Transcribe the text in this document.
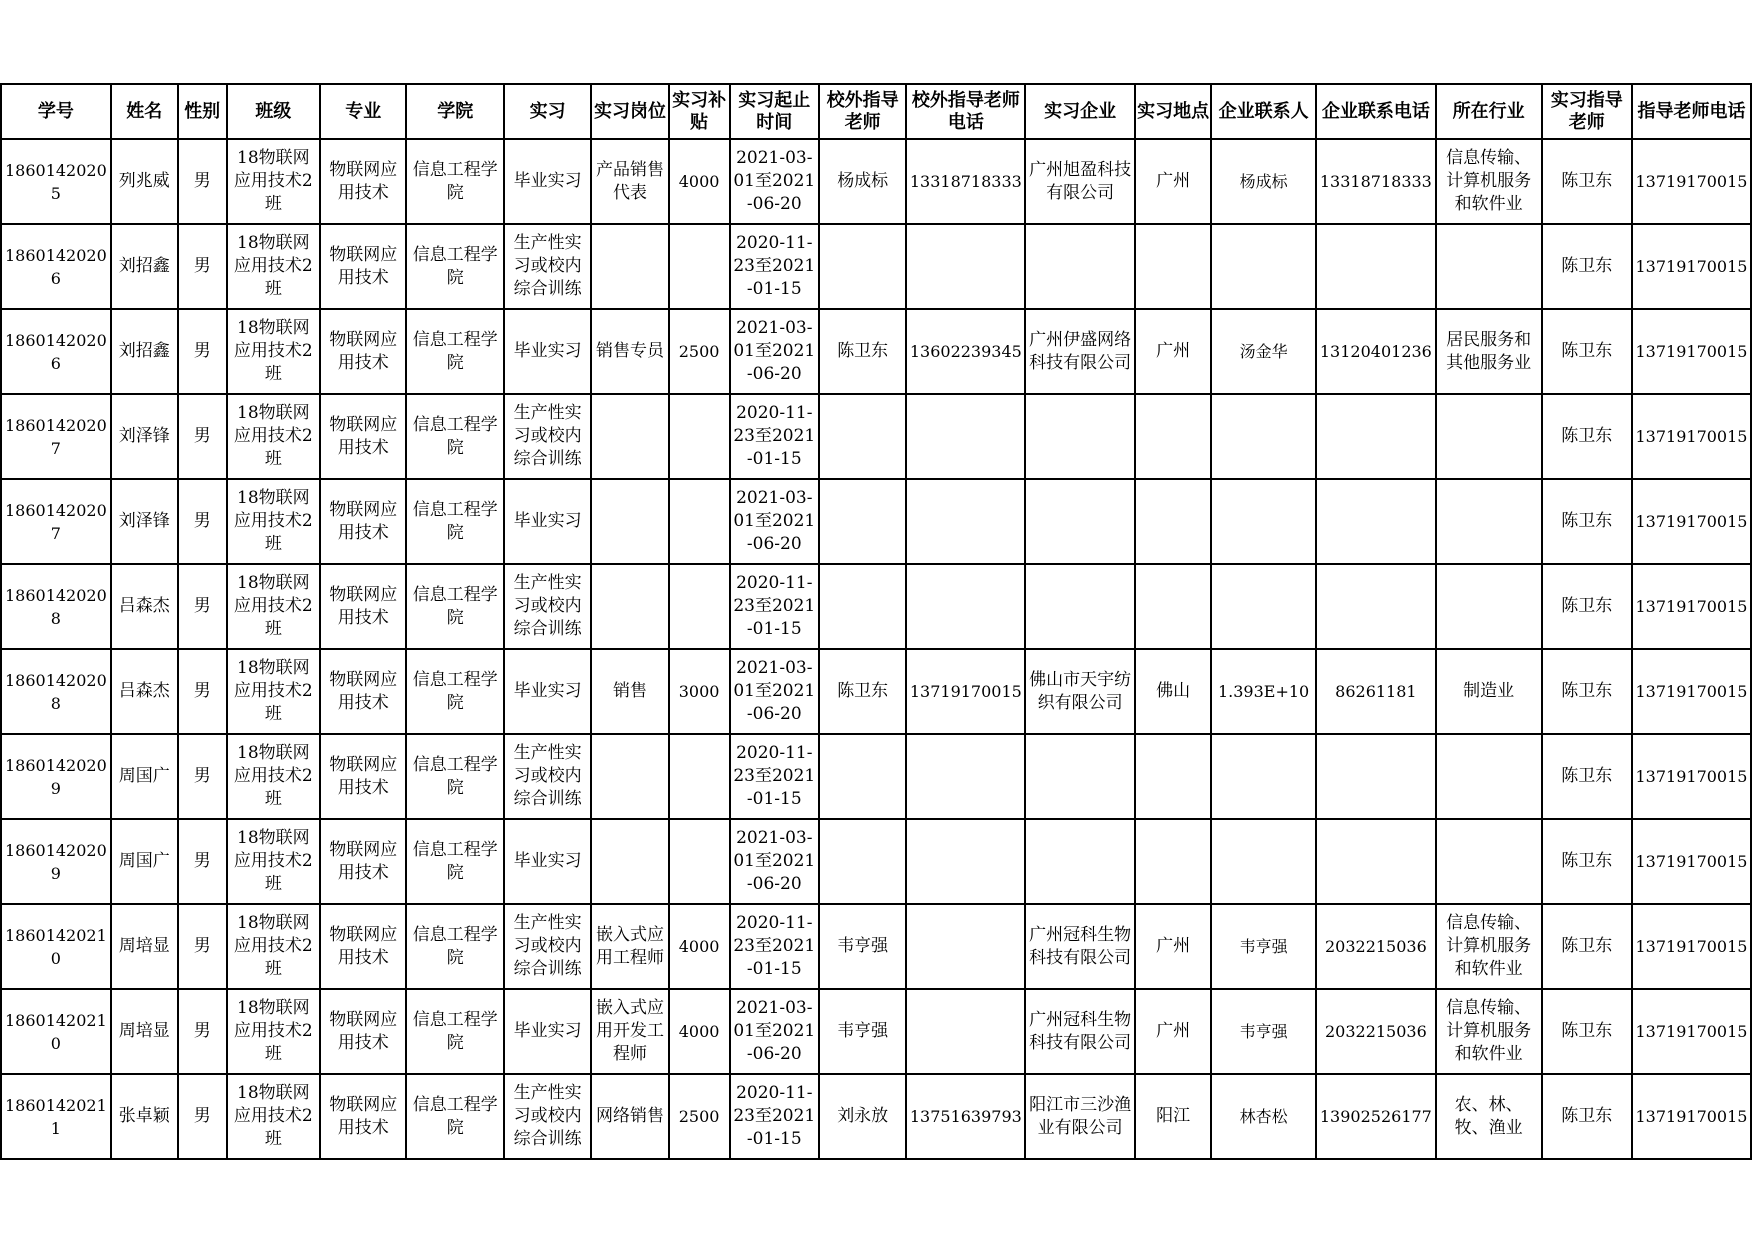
学号	姓名	性别	班级	专业	学院	实习	实习岗位	实习补贴	实习起止时间	校外指导老师	校外指导老师电话	实习企业	实习地点	企业联系人	企业联系电话	所在行业	实习指导老师	指导老师电话

18601420205	列兆威	男	18物联网应用技术2班	物联网应用技术	信息工程学院	毕业实习	产品销售代表	4000	2021-03-01至2021-06-20	杨成标	13318718333	广州旭盈科技有限公司	广州	杨成标	13318718333	信息传输、计算机服务和软件业	陈卫东	13719170015

18601420206	刘招鑫	男	18物联网应用技术2班	物联网应用技术	信息工程学院	生产性实习或校内综合训练			2020-11-23至2021-01-15								陈卫东	13719170015

18601420206	刘招鑫	男	18物联网应用技术2班	物联网应用技术	信息工程学院	毕业实习	销售专员	2500	2021-03-01至2021-06-20	陈卫东	13602239345	广州伊盛网络科技有限公司	广州	汤金华	13120401236	居民服务和其他服务业	陈卫东	13719170015

18601420207	刘泽锋	男	18物联网应用技术2班	物联网应用技术	信息工程学院	生产性实习或校内综合训练			2020-11-23至2021-01-15								陈卫东	13719170015

18601420207	刘泽锋	男	18物联网应用技术2班	物联网应用技术	信息工程学院	毕业实习			2021-03-01至2021-06-20								陈卫东	13719170015

18601420208	吕森杰	男	18物联网应用技术2班	物联网应用技术	信息工程学院	生产性实习或校内综合训练			2020-11-23至2021-01-15								陈卫东	13719170015

18601420208	吕森杰	男	18物联网应用技术2班	物联网应用技术	信息工程学院	毕业实习	销售	3000	2021-03-01至2021-06-20	陈卫东	13719170015	佛山市天宇纺织有限公司	佛山	1.393E+10	86261181	制造业	陈卫东	13719170015

18601420209	周国广	男	18物联网应用技术2班	物联网应用技术	信息工程学院	生产性实习或校内综合训练			2020-11-23至2021-01-15								陈卫东	13719170015

18601420209	周国广	男	18物联网应用技术2班	物联网应用技术	信息工程学院	毕业实习			2021-03-01至2021-06-20								陈卫东	13719170015

18601420210	周培显	男	18物联网应用技术2班	物联网应用技术	信息工程学院	生产性实习或校内综合训练	嵌入式应用工程师	4000	2020-11-23至2021-01-15	韦亨强		广州冠科生物科技有限公司	广州	韦亨强	2032215036	信息传输、计算机服务和软件业	陈卫东	13719170015

18601420210	周培显	男	18物联网应用技术2班	物联网应用技术	信息工程学院	毕业实习	嵌入式应用开发工程师	4000	2021-03-01至2021-06-20	韦亨强		广州冠科生物科技有限公司	广州	韦亨强	2032215036	信息传输、计算机服务和软件业	陈卫东	13719170015

18601420211	张卓颖	男	18物联网应用技术2班	物联网应用技术	信息工程学院	生产性实习或校内综合训练	网络销售	2500	2020-11-23至2021-01-15	刘永放	13751639793	阳江市三沙渔业有限公司	阳江	林杏松	13902526177	农、林、牧、渔业	陈卫东	13719170015
